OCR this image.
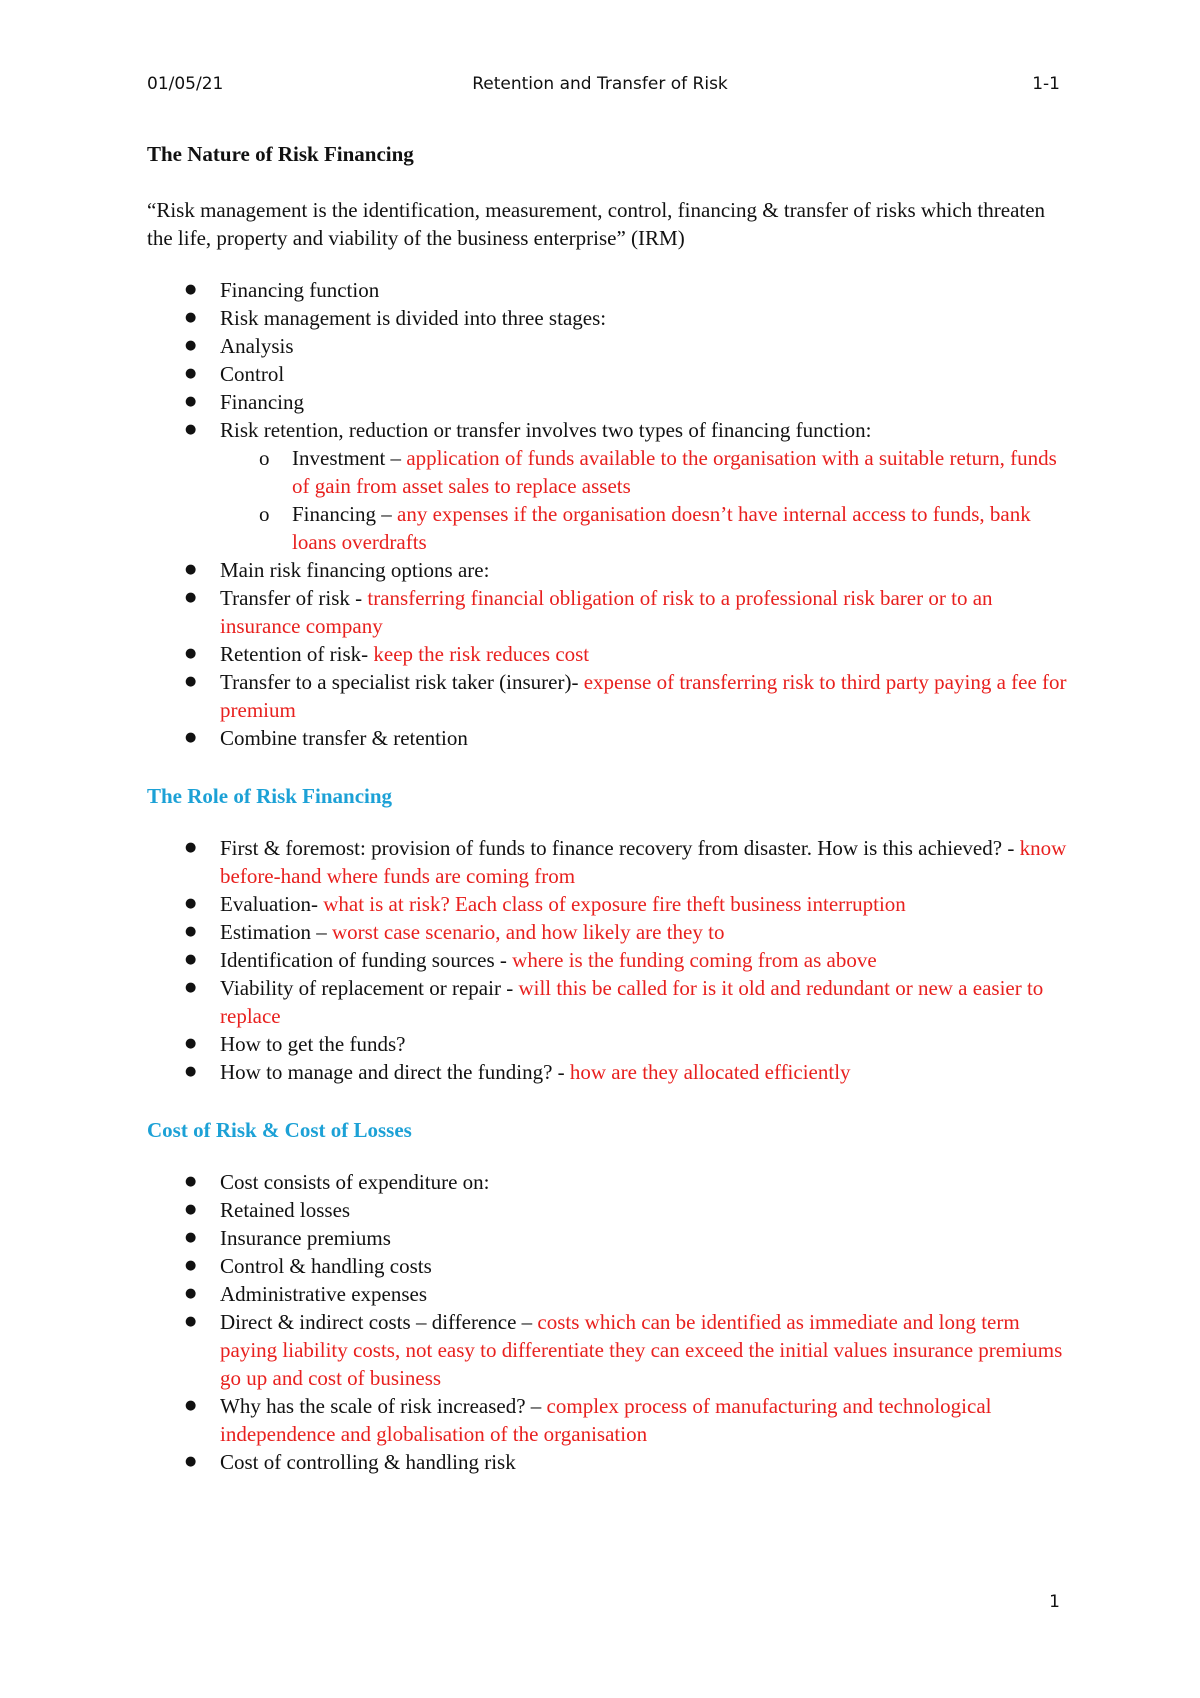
01/05/21	Retention and Transfer of Risk	1-1
The Nature of Risk Financing

“Risk management is the identification, measurement, control, financing & transfer of risks which threaten the life, property and viability of the business enterprise” (IRM)

● Financing function
● Risk management is divided into three stages:
● Analysis
● Control
● Financing
● Risk retention, reduction or transfer involves two types of financing function:
o Investment – application of funds available to the organisation with a suitable return, funds of gain from asset sales to replace assets
o Financing – any expenses if the organisation doesn’t have internal access to funds, bank loans overdrafts
● Main risk financing options are:
● Transfer of risk - transferring financial obligation of risk to a professional risk barer or to an insurance company
● Retention of risk- keep the risk reduces cost
● Transfer to a specialist risk taker (insurer)- expense of transferring risk to third party paying a fee for premium
● Combine transfer & retention
The Role of Risk Financing
● First & foremost: provision of funds to finance recovery from disaster. How is this achieved? - know before-hand where funds are coming from
● Evaluation- what is at risk? Each class of exposure fire theft business interruption
● Estimation – worst case scenario, and how likely are they to
● Identification of funding sources - where is the funding coming from as above
● Viability of replacement or repair - will this be called for is it old and redundant or new a easier to replace
● How to get the funds?
● How to manage and direct the funding? - how are they allocated efficiently
Cost of Risk & Cost of Losses
● Cost consists of expenditure on:
● Retained losses
● Insurance premiums
● Control & handling costs
● Administrative expenses
● Direct & indirect costs – difference – costs which can be identified as immediate and long term paying liability costs, not easy to differentiate they can exceed the initial values insurance premiums go up and cost of business
● Why has the scale of risk increased? – complex process of manufacturing and technological independence and globalisation of the organisation
● Cost of controlling & handling risk
1
